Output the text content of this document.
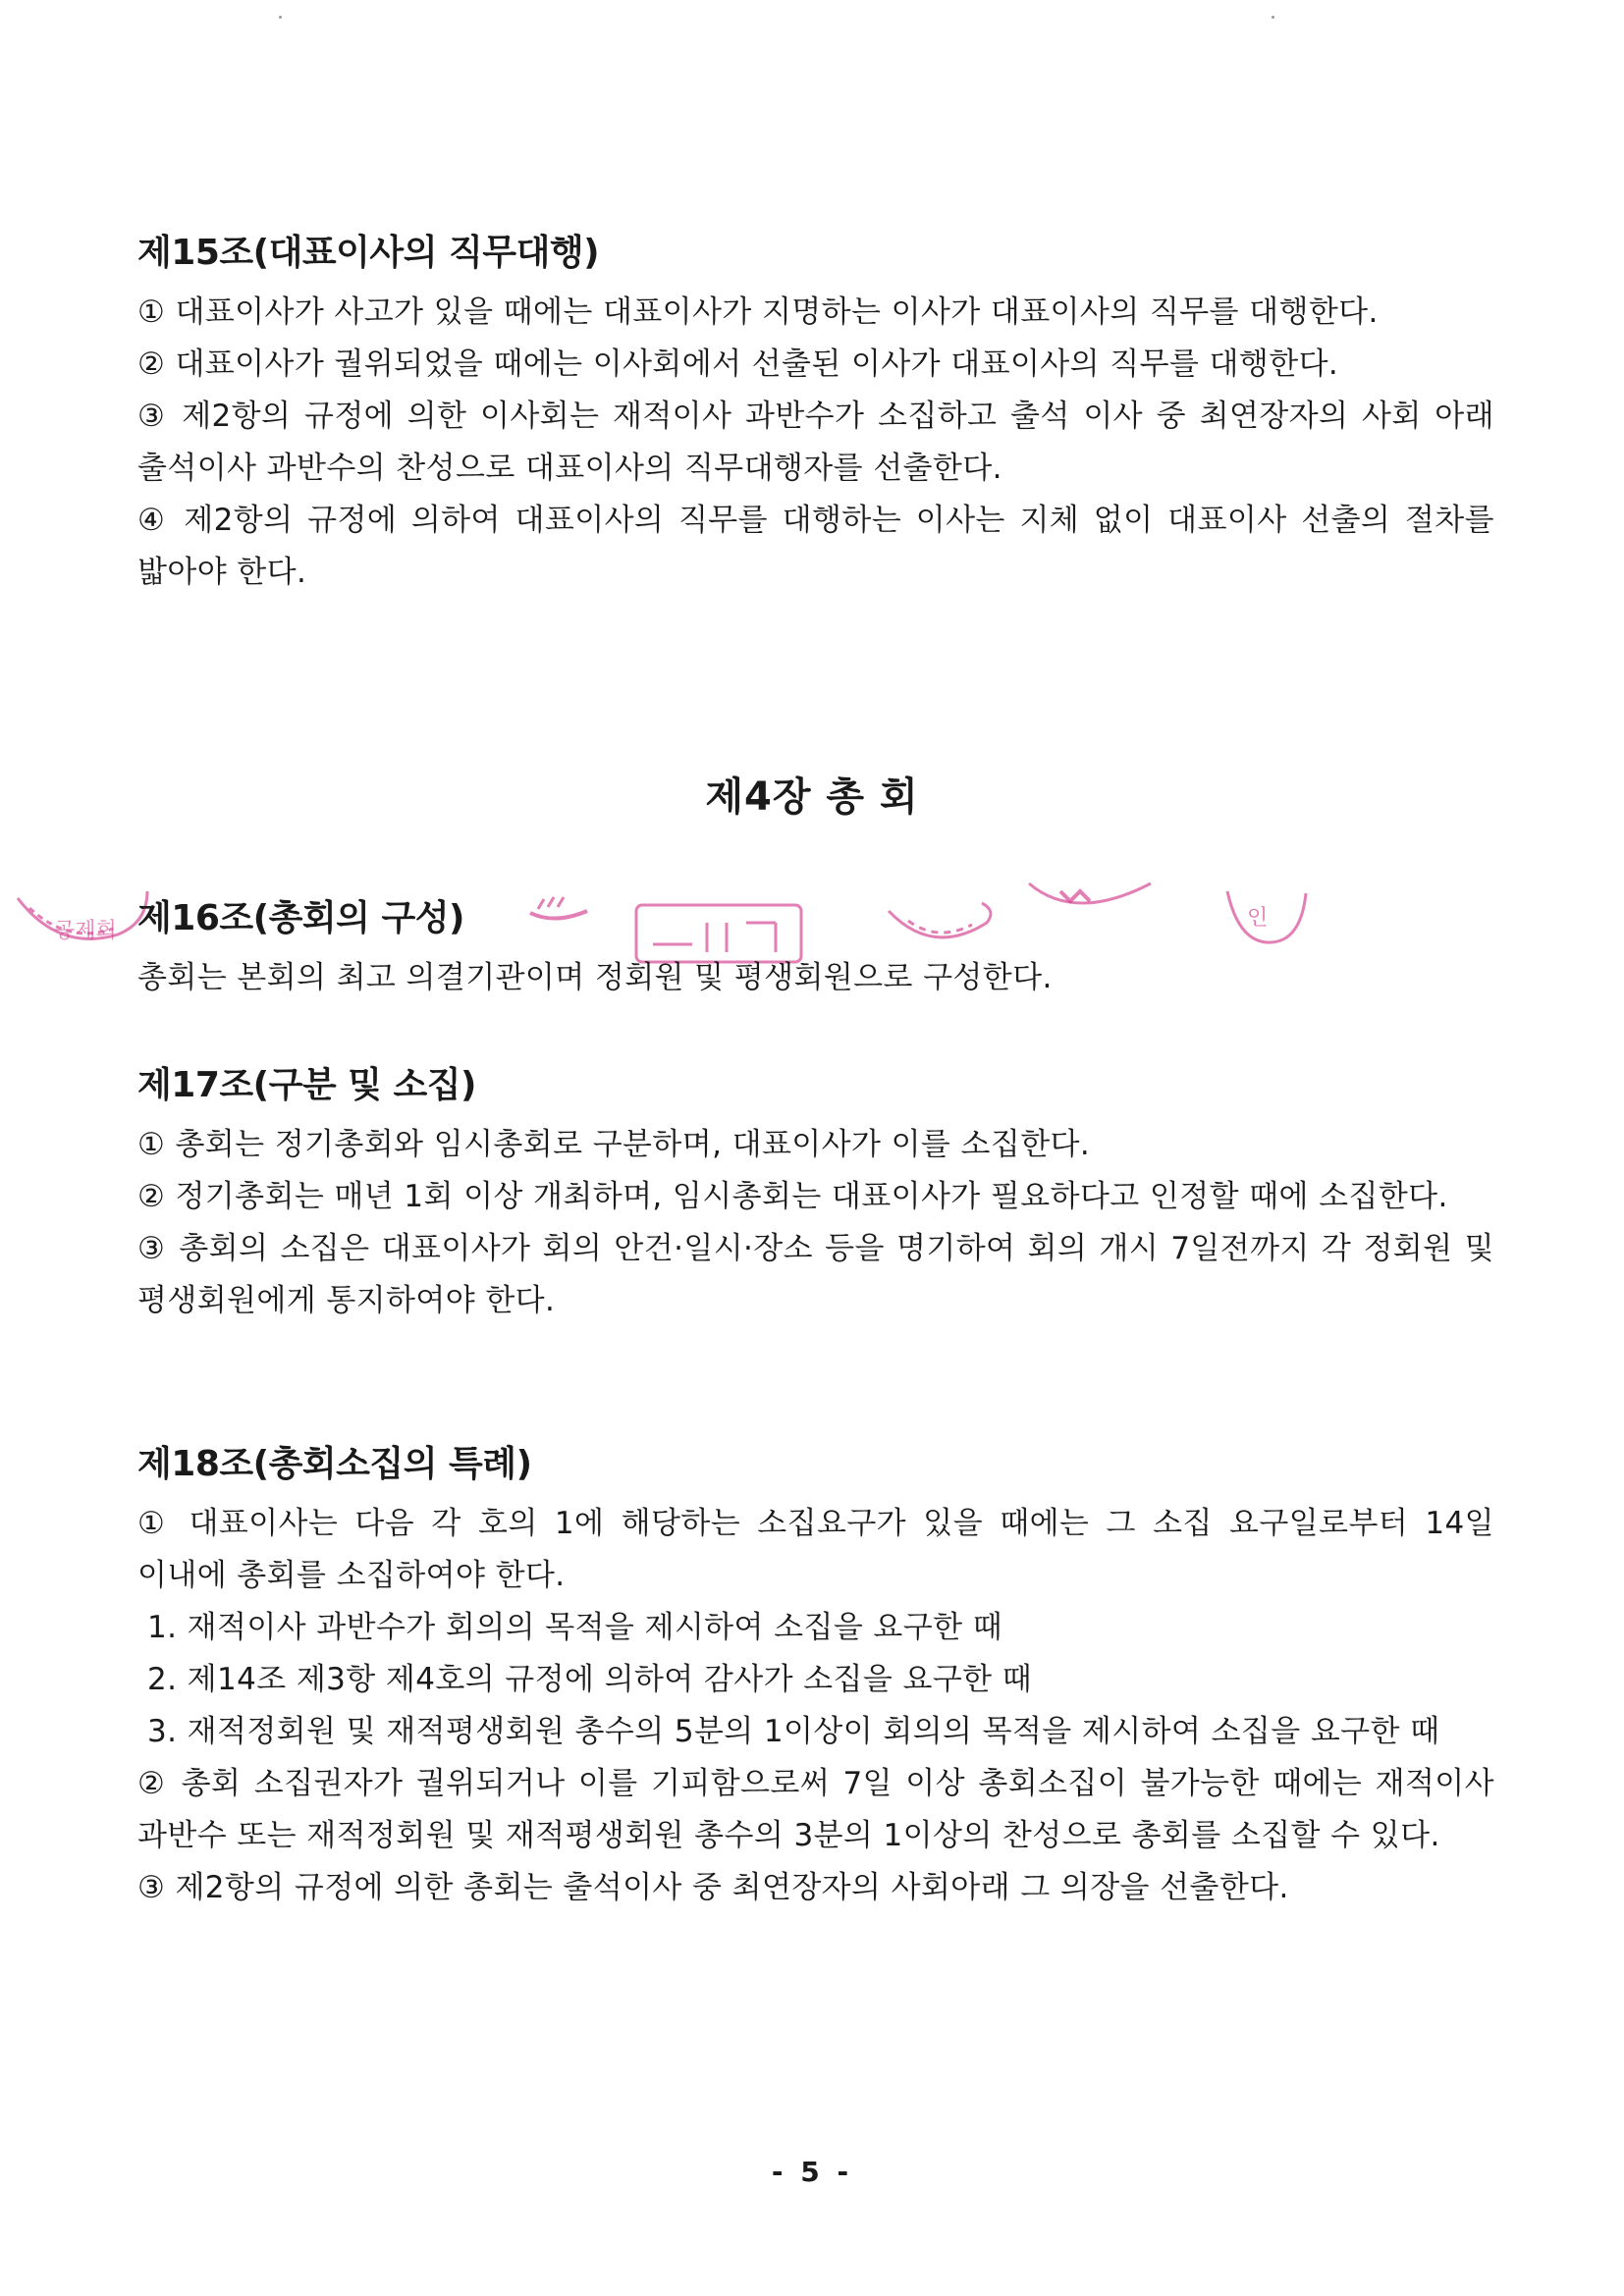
제15조(대표이사의 직무대행)
① 대표이사가 사고가 있을 때에는 대표이사가 지명하는 이사가 대표이사의 직무를 대행한다.
② 대표이사가 궐위되었을 때에는 이사회에서 선출된 이사가 대표이사의 직무를 대행한다.
③ 제2항의 규정에 의한 이사회는 재적이사 과반수가 소집하고 출석 이사 중 최연장자의 사회 아래 출석이사 과반수의 찬성으로 대표이사의 직무대행자를 선출한다.
④ 제2항의 규정에 의하여 대표이사의 직무를 대행하는 이사는 지체 없이 대표이사 선출의 절차를 밟아야 한다.
제4장 총 회
공제회
인
제16조(총회의 구성)
총회는 본회의 최고 의결기관이며 정회원 및 평생회원으로 구성한다.
제17조(구분 및 소집)
① 총회는 정기총회와 임시총회로 구분하며, 대표이사가 이를 소집한다.
② 정기총회는 매년 1회 이상 개최하며, 임시총회는 대표이사가 필요하다고 인정할 때에 소집한다.
③ 총회의 소집은 대표이사가 회의 안건·일시·장소 등을 명기하여 회의 개시 7일전까지 각 정회원 및 평생회원에게 통지하여야 한다.
제18조(총회소집의 특례)
① 대표이사는 다음 각 호의 1에 해당하는 소집요구가 있을 때에는 그 소집 요구일로부터 14일 이내에 총회를 소집하여야 한다.
1. 재적이사 과반수가 회의의 목적을 제시하여 소집을 요구한 때
2. 제14조 제3항 제4호의 규정에 의하여 감사가 소집을 요구한 때
3. 재적정회원 및 재적평생회원 총수의 5분의 1이상이 회의의 목적을 제시하여 소집을 요구한 때
② 총회 소집권자가 궐위되거나 이를 기피함으로써 7일 이상 총회소집이 불가능한 때에는 재적이사 과반수 또는 재적정회원 및 재적평생회원 총수의 3분의 1이상의 찬성으로 총회를 소집할 수 있다.
③ 제2항의 규정에 의한 총회는 출석이사 중 최연장자의 사회아래 그 의장을 선출한다.
- 5 -
